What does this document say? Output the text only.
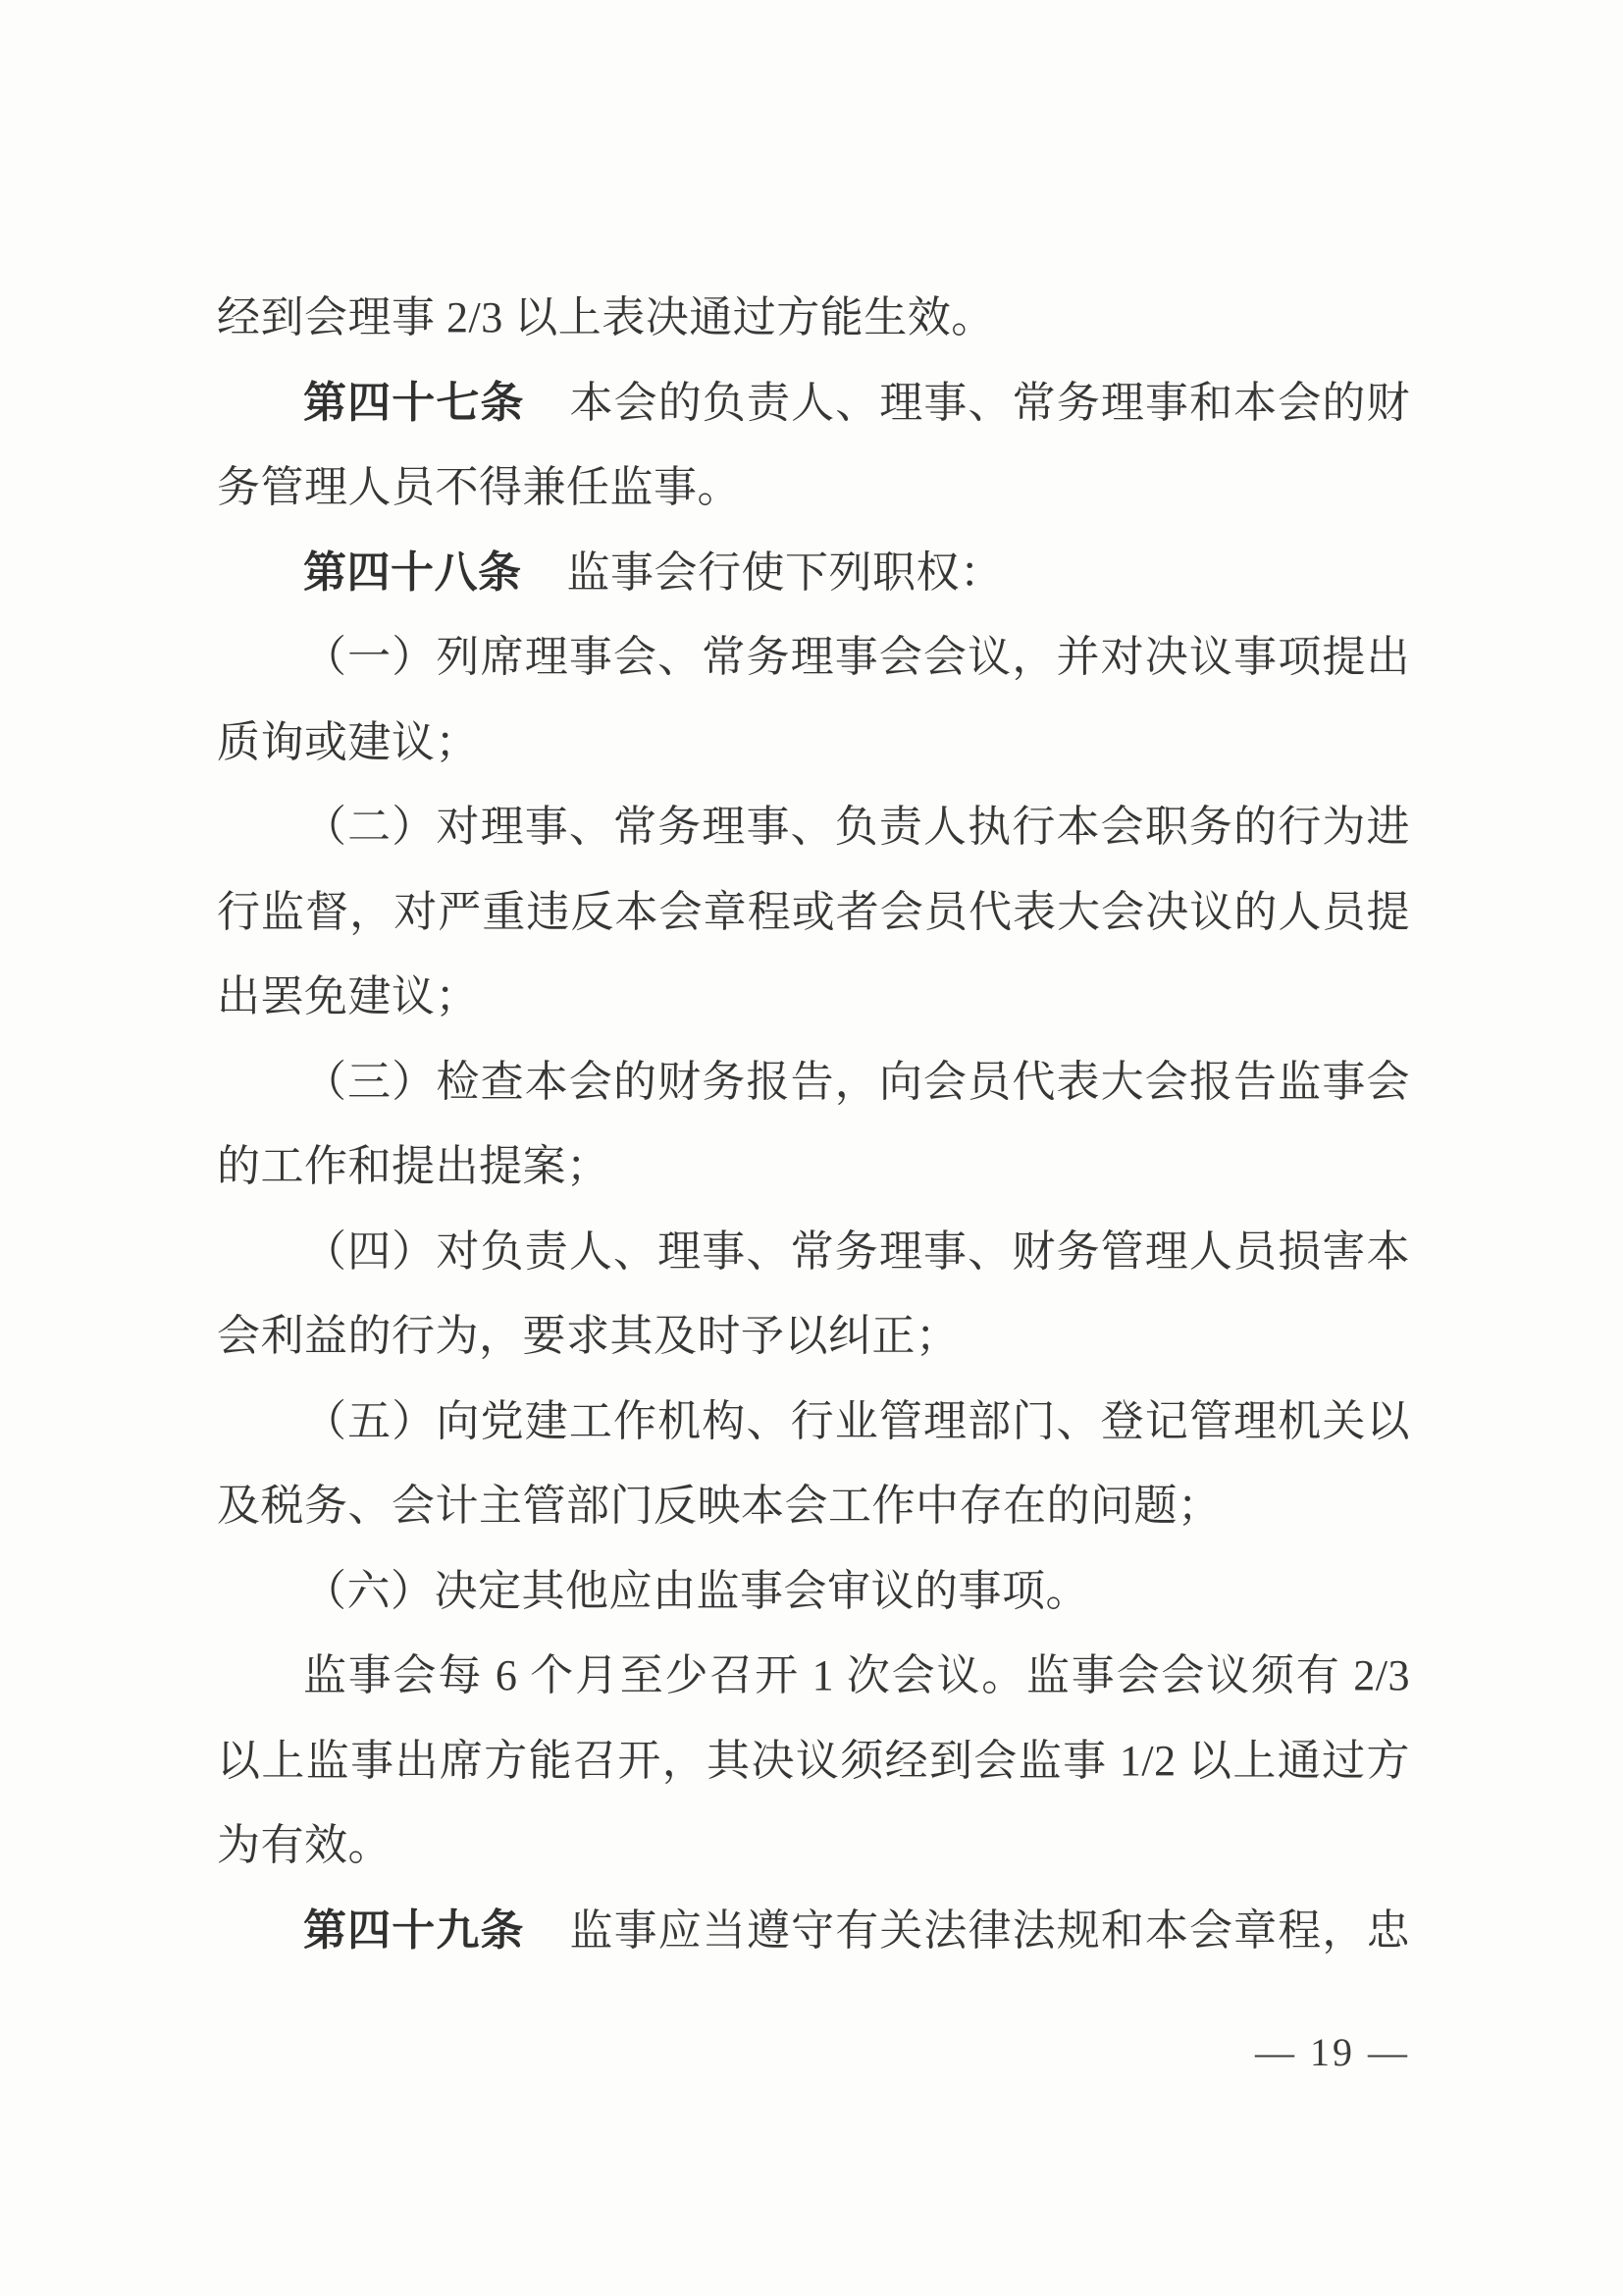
经到会理事 2/3 以上表决通过方能生效。
第四十七条 本会的负责人、理事、常务理事和本会的财
务管理人员不得兼任监事。
第四十八条 监事会行使下列职权：
（一）列席理事会、常务理事会会议，并对决议事项提出
质询或建议；
（二）对理事、常务理事、负责人执行本会职务的行为进
行监督，对严重违反本会章程或者会员代表大会决议的人员提
出罢免建议；
（三）检查本会的财务报告，向会员代表大会报告监事会
的工作和提出提案；
（四）对负责人、理事、常务理事、财务管理人员损害本
会利益的行为，要求其及时予以纠正；
（五）向党建工作机构、行业管理部门、登记管理机关以
及税务、会计主管部门反映本会工作中存在的问题；
（六）决定其他应由监事会审议的事项。
监事会每 6 个月至少召开 1 次会议。监事会会议须有 2/3
以上监事出席方能召开，其决议须经到会监事 1/2 以上通过方
为有效。
第四十九条 监事应当遵守有关法律法规和本会章程，忠
— 19 —
